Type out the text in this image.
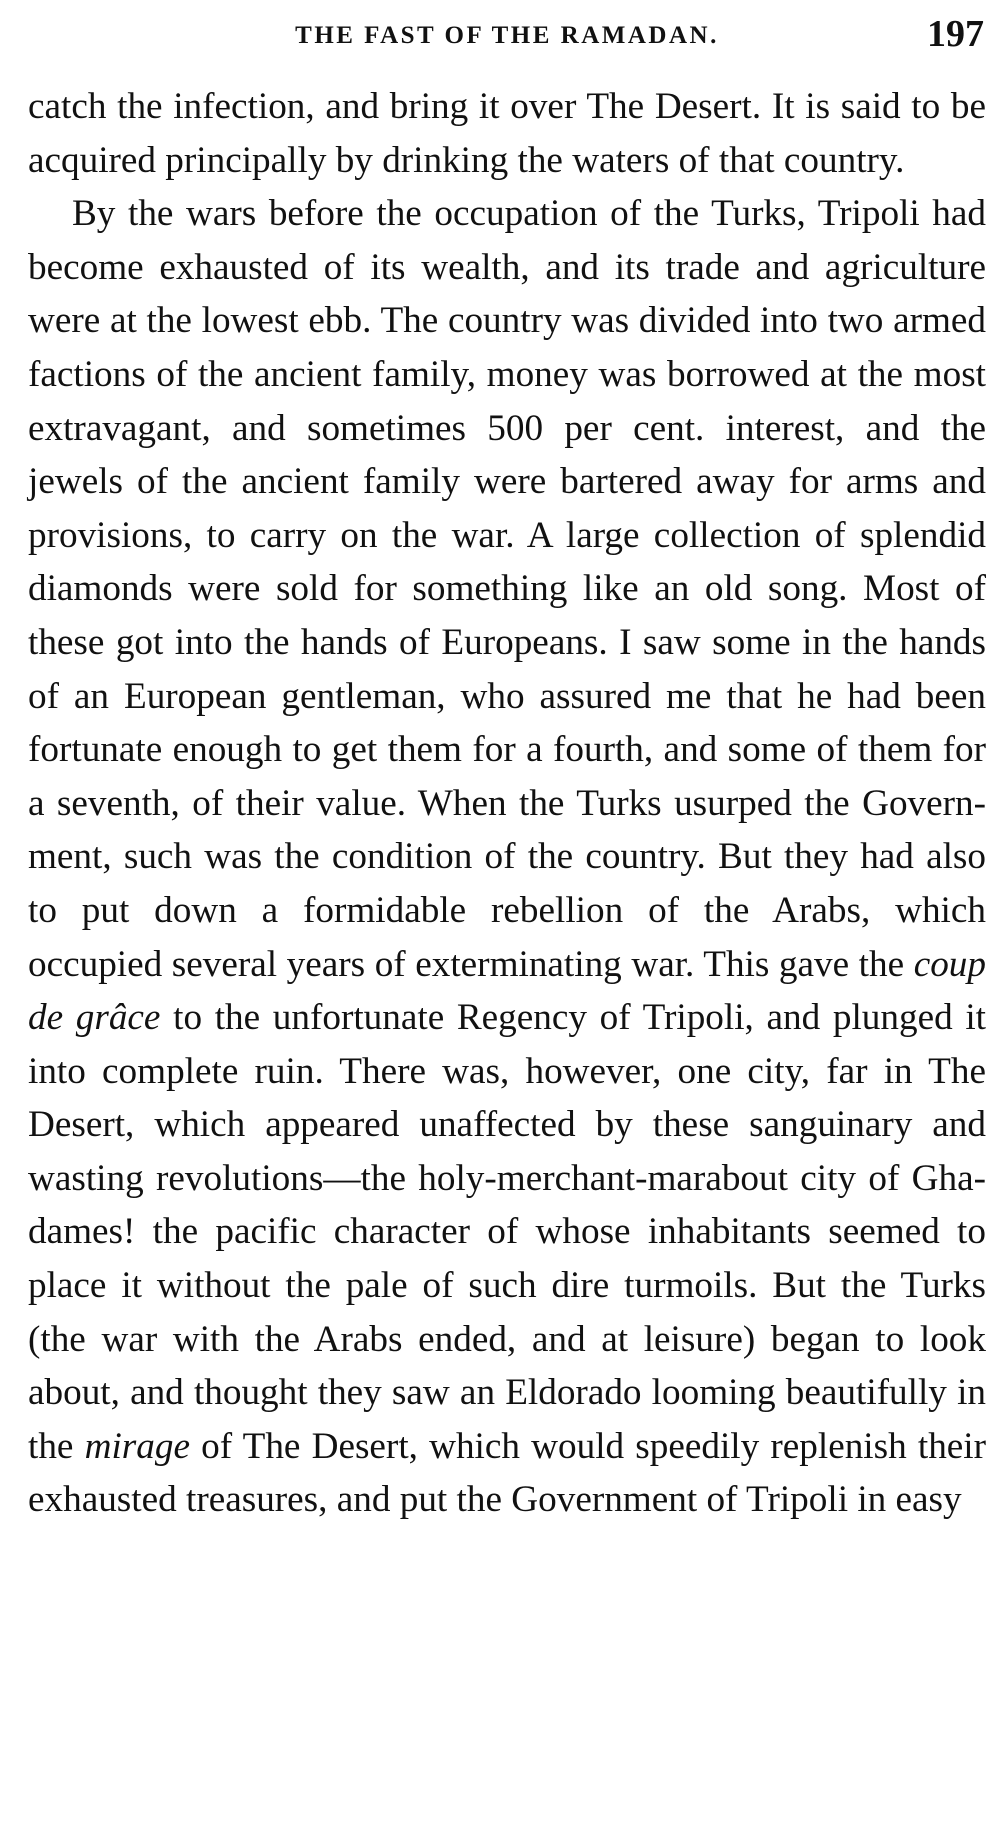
THE FAST OF THE RAMADAN.	197

catch the infection, and bring it over The Desert. It is said to be acquired principally by drinking the waters of that country.

By the wars before the occupation of the Turks, Tripoli had become exhausted of its wealth, and its trade and agriculture were at the lowest ebb. The country was divided into two armed factions of the ancient family, money was borrowed at the most extravagant, and sometimes 500 per cent. interest, and the jewels of the ancient family were bartered away for arms and provisions, to carry on the war. A large collection of splendid diamonds were sold for something like an old song. Most of these got into the hands of Europeans. I saw some in the hands of an European gentleman, who assured me that he had been fortunate enough to get them for a fourth, and some of them for a seventh, of their value. When the Turks usurped the Government, such was the condition of the country. But they had also to put down a formidable rebellion of the Arabs, which occupied several years of exterminating war. This gave the coup de grâce to the unfortunate Regency of Tripoli, and plunged it into complete ruin. There was, however, one city, far in The Desert, which appeared unaffected by these sanguinary and wasting revolutions—the holy-merchant-marabout city of Ghadames! the pacific character of whose inhabitants seemed to place it without the pale of such dire turmoils. But the Turks (the war with the Arabs ended, and at leisure) began to look about, and thought they saw an Eldorado looming beautifully in the mirage of The Desert, which would speedily replenish their exhausted treasures, and put the Government of Tripoli in easy
